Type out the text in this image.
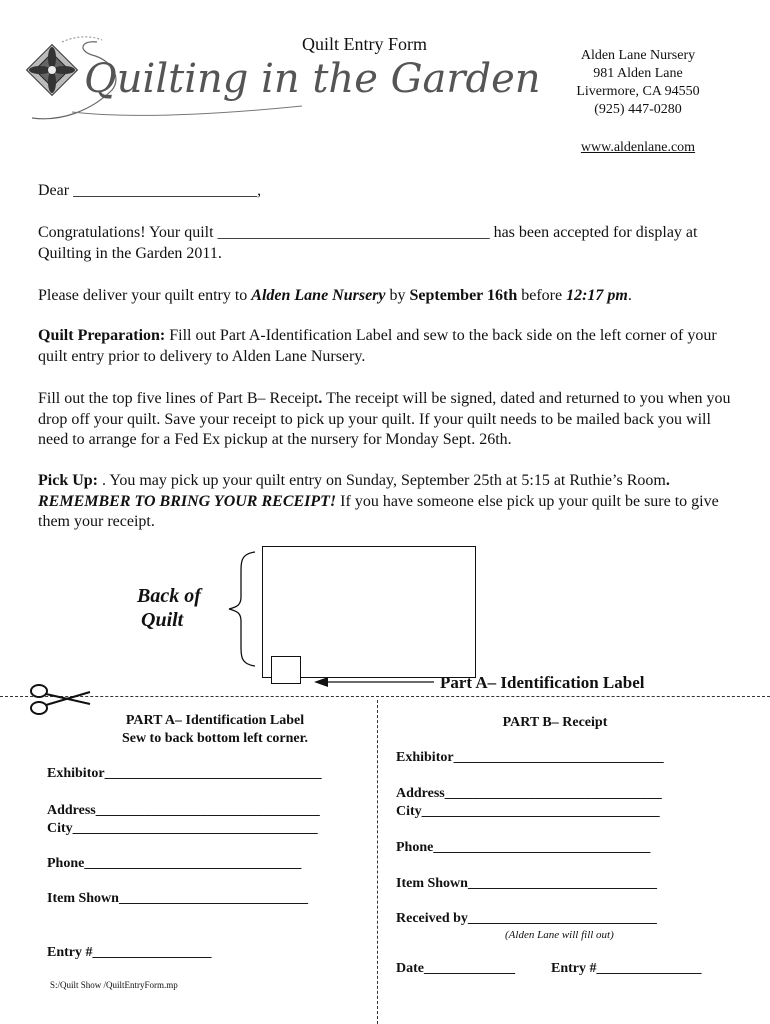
Quilting in the Garden
Quilt Entry Form
Alden Lane Nursery
981 Alden Lane
Livermore, CA 94550
(925) 447-0280
www.aldenlane.com
Dear _______________________,
Congratulations! Your quilt __________________________________ has been accepted for display at Quilting in the Garden 2011.
Please deliver your quilt entry to Alden Lane Nursery by September 16th before 12:17 pm.
Quilt Preparation: Fill out Part A-Identification Label and sew to the back side on the left corner of your quilt entry prior to delivery to Alden Lane Nursery.
Fill out the top five lines of Part B– Receipt. The receipt will be signed, dated and returned to you when you drop off your quilt. Save your receipt to pick up your quilt. If your quilt needs to be mailed back you will need to arrange for a Fed Ex pickup at the nursery for Monday Sept. 26th.
Pick Up: . You may pick up your quilt entry on Sunday, September 25th at 5:15 at Ruthie’s Room.
REMEMBER TO BRING YOUR RECEIPT! If you have someone else pick up your quilt be sure to give them your receipt.
Back of
Quilt
Part A– Identification Label
PART A– Identification Label
Sew to back bottom left corner.
Exhibitor_______________________________
Address________________________________
City___________________________________
Phone_______________________________
Item Shown___________________________
Entry #_________________
S:/Quilt Show /QuiltEntryForm.mp
PART B– Receipt
Exhibitor______________________________
Address_______________________________
City__________________________________
Phone_______________________________
Item Shown___________________________
Received by___________________________
(Alden Lane will fill out)
Date_____________	Entry #_______________
